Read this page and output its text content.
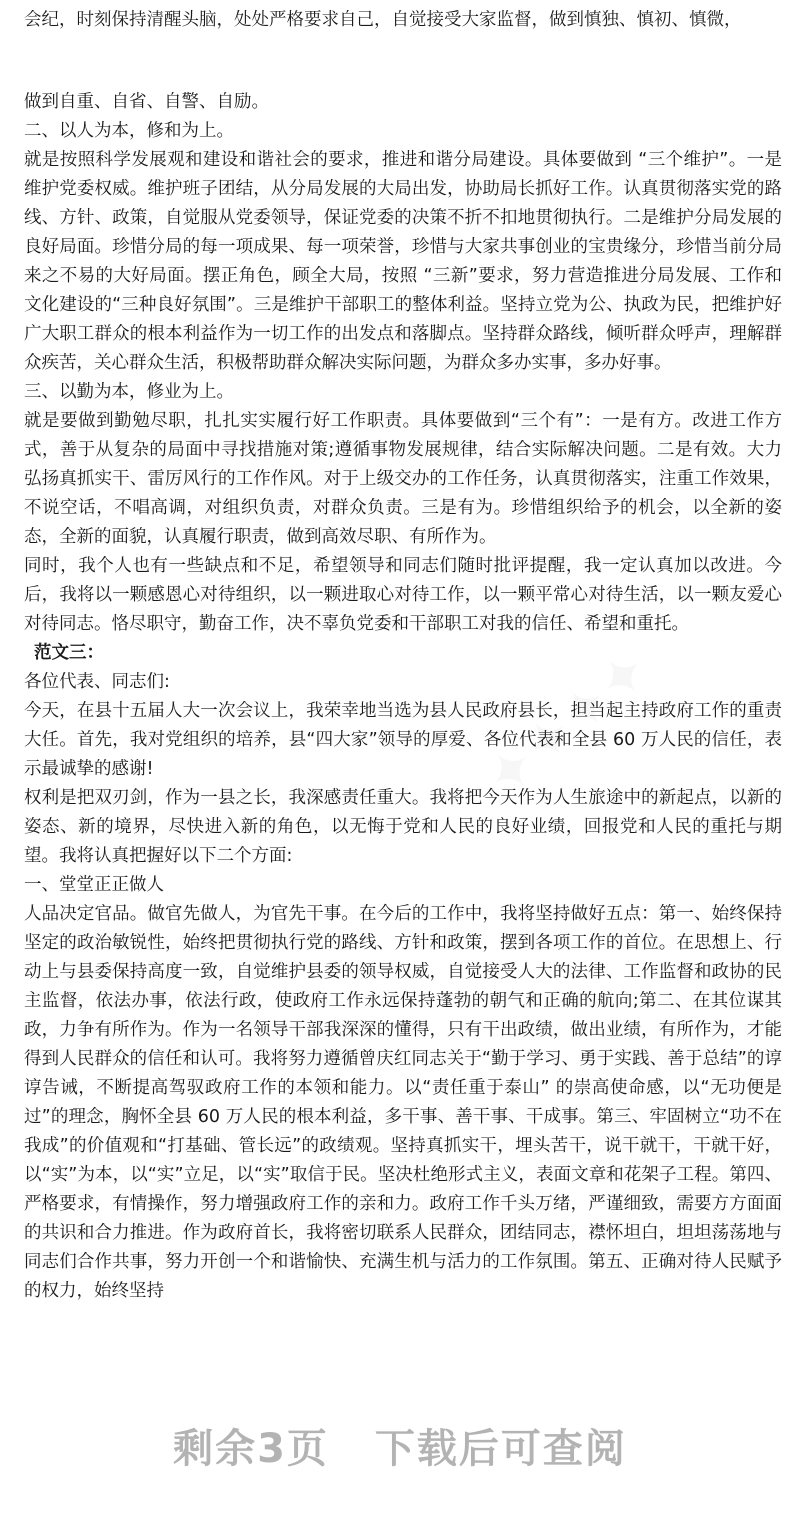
会纪，时刻保持清醒头脑，处处严格要求自己，自觉接受大家监督，做到慎独、慎初、慎微，

✦✦✦✦

做到自重、自省、自警、自励。

二、以人为本，修和为上。

就是按照科学发展观和建设和谐社会的要求，推进和谐分局建设。具体要做到 “三个维护”。一是维护党委权威。维护班子团结，从分局发展的大局出发，协助局长抓好工作。认真贯彻落实党的路线、方针、政策，自觉服从党委领导，保证党委的决策不折不扣地贯彻执行。二是维护分局发展的良好局面。珍惜分局的每一项成果、每一项荣誉，珍惜与大家共事创业的宝贵缘分，珍惜当前分局来之不易的大好局面。摆正角色，顾全大局，按照 “三新”要求，努力营造推进分局发展、工作和文化建设的“三种良好氛围”。三是维护干部职工的整体利益。坚持立党为公、执政为民，把维护好广大职工群众的根本利益作为一切工作的出发点和落脚点。坚持群众路线，倾听群众呼声，理解群众疾苦，关心群众生活，积极帮助群众解决实际问题，为群众多办实事，多办好事。

三、以勤为本，修业为上。

就是要做到勤勉尽职，扎扎实实履行好工作职责。具体要做到“三个有”：一是有方。改进工作方式，善于从复杂的局面中寻找措施对策;遵循事物发展规律，结合实际解决问题。二是有效。大力弘扬真抓实干、雷厉风行的工作作风。对于上级交办的工作任务，认真贯彻落实，注重工作效果，不说空话，不唱高调，对组织负责，对群众负责。三是有为。珍惜组织给予的机会，以全新的姿态，全新的面貌，认真履行职责，做到高效尽职、有所作为。

同时，我个人也有一些缺点和不足，希望领导和同志们随时批评提醒，我一定认真加以改进。今后，我将以一颗感恩心对待组织，以一颗进取心对待工作，以一颗平常心对待生活，以一颗友爱心对待同志。恪尽职守，勤奋工作，决不辜负党委和干部职工对我的信任、希望和重托。

范文三：

各位代表、同志们:

今天，在县十五届人大一次会议上，我荣幸地当选为县人民政府县长，担当起主持政府工作的重责大任。首先，我对党组织的培养，县“四大家”领导的厚爱、各位代表和全县 60 万人民的信任，表示最诚挚的感谢!

权利是把双刃剑，作为一县之长，我深感责任重大。我将把今天作为人生旅途中的新起点，以新的姿态、新的境界，尽快进入新的角色，以无悔于党和人民的良好业绩，回报党和人民的重托与期望。我将认真把握好以下二个方面:

一、堂堂正正做人

人品决定官品。做官先做人，为官先干事。在今后的工作中，我将坚持做好五点：第一、始终保持坚定的政治敏锐性，始终把贯彻执行党的路线、方针和政策，摆到各项工作的首位。在思想上、行动上与县委保持高度一致，自觉维护县委的领导权威，自觉接受人大的法律、工作监督和政协的民主监督，依法办事，依法行政，使政府工作永远保持蓬勃的朝气和正确的航向;第二、在其位谋其政，力争有所作为。作为一名领导干部我深深的懂得，只有干出政绩，做出业绩，有所作为，才能得到人民群众的信任和认可。我将努力遵循曾庆红同志关于“勤于学习、勇于实践、善于总结”的谆谆告诫，不断提高驾驭政府工作的本领和能力。以“责任重于泰山” 的崇高使命感，以“无功便是过”的理念，胸怀全县 60 万人民的根本利益，多干事、善干事、干成事。第三、牢固树立“功不在我成”的价值观和“打基础、管长远”的政绩观。坚持真抓实干，埋头苦干，说干就干，干就干好，以“实”为本，以“实”立足，以“实”取信于民。坚决杜绝形式主义，表面文章和花架子工程。第四、严格要求，有情操作，努力增强政府工作的亲和力。政府工作千头万绪，严谨细致，需要方方面面的共识和合力推进。作为政府首长，我将密切联系人民群众，团结同志，襟怀坦白，坦坦荡荡地与同志们合作共事，努力开创一个和谐愉快、充满生机与活力的工作氛围。第五、正确对待人民赋予的权力，始终坚持

剩余3页 下载后可查阅
